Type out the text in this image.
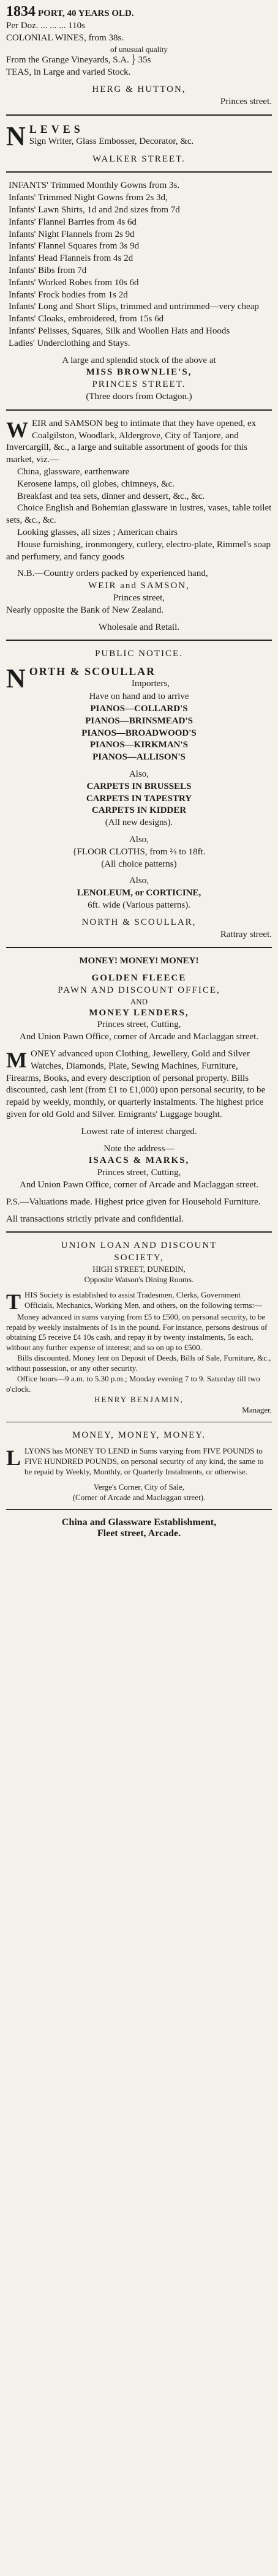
1834 PORT, 40 YEARS OLD.
Per Doz. ... ... ... 110s
COLONIAL WINES, from 38s.
of unusual quality
From the Grange Vineyards, S.A. } 35s
TEAS, in Large and varied Stock.
HERG & HUTTON,
Princes street.
N LEVES
Sign Writer, Glass Embosser, Decorator, &c.
WALKER STREET.
INFANTS' Trimmed Monthly Gowns from 3s.
Infants' Trimmed Night Gowns from 2s 3d,
Infants' Lawn Shirts, 1d and 2nd sizes from 7d
Infants' Flannel Barries from 4s 6d
Infants' Night Flannels from 2s 9d
Infants' Flannel Squares from 3s 9d
Infants' Head Flannels from 4s 2d
Infants' Bibs from 7d
Infants' Worked Robes from 10s 6d
Infants' Frock bodies from 1s 2d
Infants' Long and Short Slips, trimmed and untrimmed—very cheap
Infants' Cloaks, embroidered, from 15s 6d
Infants' Pelisses, Squares, Silk and Woollen Hats and Hoods
Ladies' Underclothing and Stays.
A large and splendid stock of the above at
MISS BROWNLIE'S,
PRINCES STREET.
(Three doors from Octagon.)
W EIR and SAMSON beg to intimate that they have opened, ex Coalgilston, Woodlark, Aldergrove, City of Tanjore, and Invercargill, &c., a large and suitable assortment of goods for this market, viz.—
China, glassware, earthenware
Kerosene lamps, oil globes, chimneys, &c.
Breakfast and tea sets, dinner and dessert, &c., &c.
Choice English and Bohemian glassware in lustres, vases, table toilet sets, &c., &c.
Looking glasses, all sizes ; American chairs
House furnishing, ironmongery, cutlery, electro-plate, Rimmel's soap and perfumery, and fancy goods
N.B.—Country orders packed by experienced hand,
WEIR and SAMSON,
Princes street,
Nearly opposite the Bank of New Zealand.
Wholesale and Retail.
PUBLIC NOTICE.
N ORTH & SCOULLAR
Importers,
Have on hand and to arrive
PIANOS—COLLARD'S
PIANOS—BRINSMEAD'S
PIANOS—BROADWOOD'S
PIANOS—KIRKMAN'S
PIANOS—ALLISON'S
Also,
CARPETS IN BRUSSELS
CARPETS IN TAPESTRY
CARPETS IN KIDDER
(All new designs).
Also,
{FLOOR CLOTHS, from ⅔ to 18ft.
(All choice patterns)
Also,
LENOLEUM, or CORTICINE,
6ft. wide (Various patterns).
NORTH & SCOULLAR,
Rattray street.
MONEY! MONEY! MONEY!
GOLDEN FLEECE
PAWN AND DISCOUNT OFFICE,
AND
MONEY LENDERS,
Princes street, Cutting,
And Union Pawn Office, corner of Arcade and Maclaggan street.
M ONEY advanced upon Clothing, Jewellery, Gold and Silver Watches, Diamonds, Plate, Sewing Machines, Furniture, Firearms, Books, and every description of personal property. Bills discounted, cash lent (from £1 to £1,000) upon personal security, to be repaid by weekly, monthly, or quarterly instalments. The highest price given for old Gold and Silver. Emigrants' Luggage bought.
Lowest rate of interest charged.
Note the address—
ISAACS & MARKS,
Princes street, Cutting,
And Union Pawn Office, corner of Arcade and Maclaggan street.
P.S.—Valuations made. Highest price given for Household Furniture.
All transactions strictly private and confidential.
UNION LOAN AND DISCOUNT
SOCIETY,
HIGH STREET, DUNEDIN,
Opposite Watson's Dining Rooms.
T HIS Society is established to assist Tradesmen, Clerks, Government Officials, Mechanics, Working Men, and others, on the following terms:—
Money advanced in sums varying from £5 to £500, on personal security, to be repaid by weekly instalments of 1s in the pound. For instance, persons desirous of obtaining £5 receive £4 10s cash, and repay it by twenty instalments, 5s each, without any further expense of interest; and so on up to £500.
Bills discounted. Money lent on Deposit of Deeds, Bills of Sale, Furniture, &c., without possession, or any other security.
Office hours—9 a.m. to 5.30 p.m.; Monday evening 7 to 9. Saturday till two o'clock.
HENRY BENJAMIN,
Manager.
MONEY, MONEY, MONEY.
L LYONS has MONEY TO LEND in Sums varying from FIVE POUNDS to FIVE HUNDRED POUNDS, on personal security of any kind, the same to be repaid by Weekly, Monthly, or Quarterly Instalments, or otherwise.
Verge's Corner, City of Sale,
(Corner of Arcade and Maclaggan street).
China and Glassware Establishment,
Fleet street, Arcade.
